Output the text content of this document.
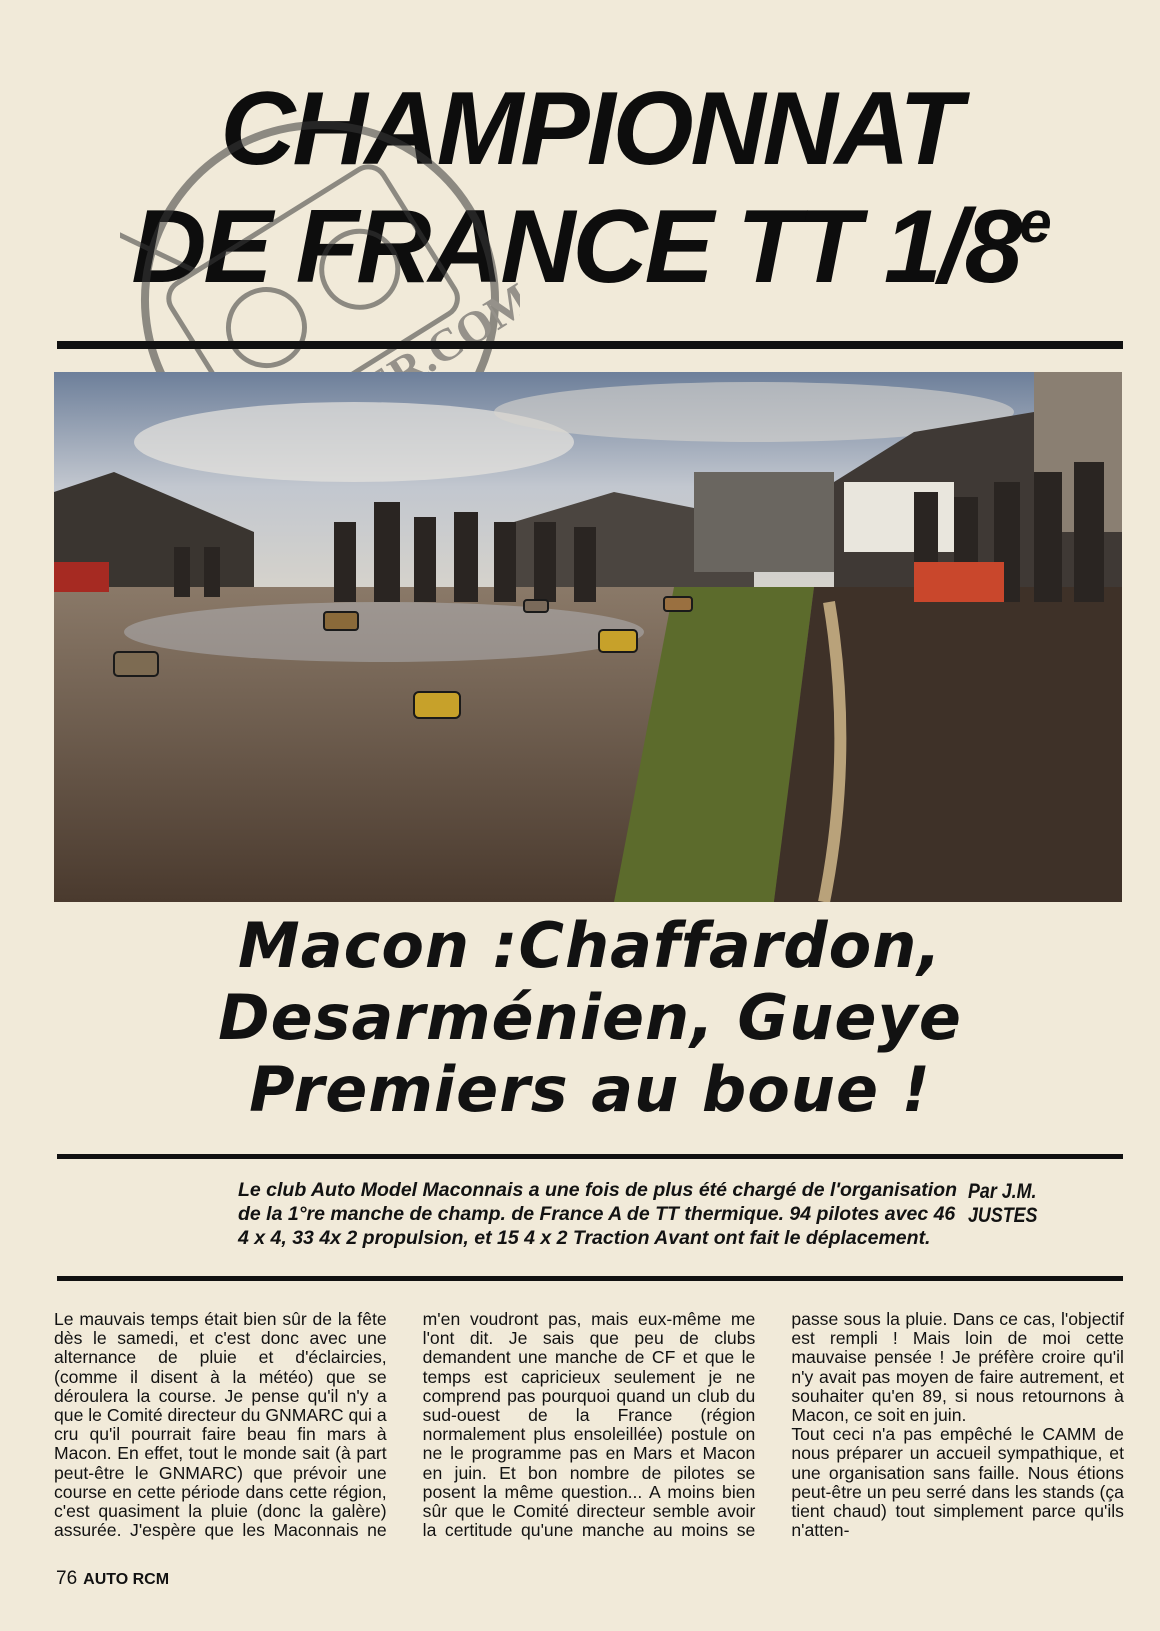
CHAMPIONNAT
DE FRANCE TT 1/8e
Macon :Chaffardon,
Desarménien, Gueye
Premiers au boue !
Le club Auto Model Maconnais a une fois de plus été chargé de l'organisation de la 1°re manche de champ. de France A de TT thermique. 94 pilotes avec 46 4 x 4, 33 4x 2 propulsion, et 15 4 x 2 Traction Avant ont fait le déplacement.
Par J.M. JUSTES

Le mauvais temps était bien sûr de la fête dès le samedi, et c'est donc avec une alternance de pluie et d'éclaircies, (comme il disent à la météo) que se déroulera la course. Je pense qu'il n'y a que le Comité directeur du GNMARC qui a cru qu'il pourrait faire beau fin mars à Macon. En effet, tout le monde sait (à part peut-être le GNMARC) que prévoir une course en cette période dans cette région, c'est quasiment la pluie (donc la galère) assurée. J'espère que les Maconnais ne m'en voudront pas, mais eux-même me l'ont dit. Je sais que peu de clubs demandent une manche de CF et que le temps est capricieux seulement je ne comprend pas pourquoi quand un club du sud-ouest de la France (région normalement plus ensoleillée) postule on ne le programme pas en Mars et Macon en juin. Et bon nombre de pilotes se posent la même question... A moins bien sûr que le Comité directeur semble avoir la certitude qu'une manche au moins se passe sous la pluie. Dans ce cas, l'objectif est rempli ! Mais loin de moi cette mauvaise pensée ! Je préfère croire qu'il n'y avait pas moyen de faire autrement, et souhaiter qu'en 89, si nous retournons à Macon, ce soit en juin.

Tout ceci n'a pas empêché le CAMM de nous préparer un accueil sympathique, et une organisation sans faille. Nous étions peut-être un peu serré dans les stands (ça tient chaud) tout simplement parce qu'ils n'atten-

76 AUTO RCM
